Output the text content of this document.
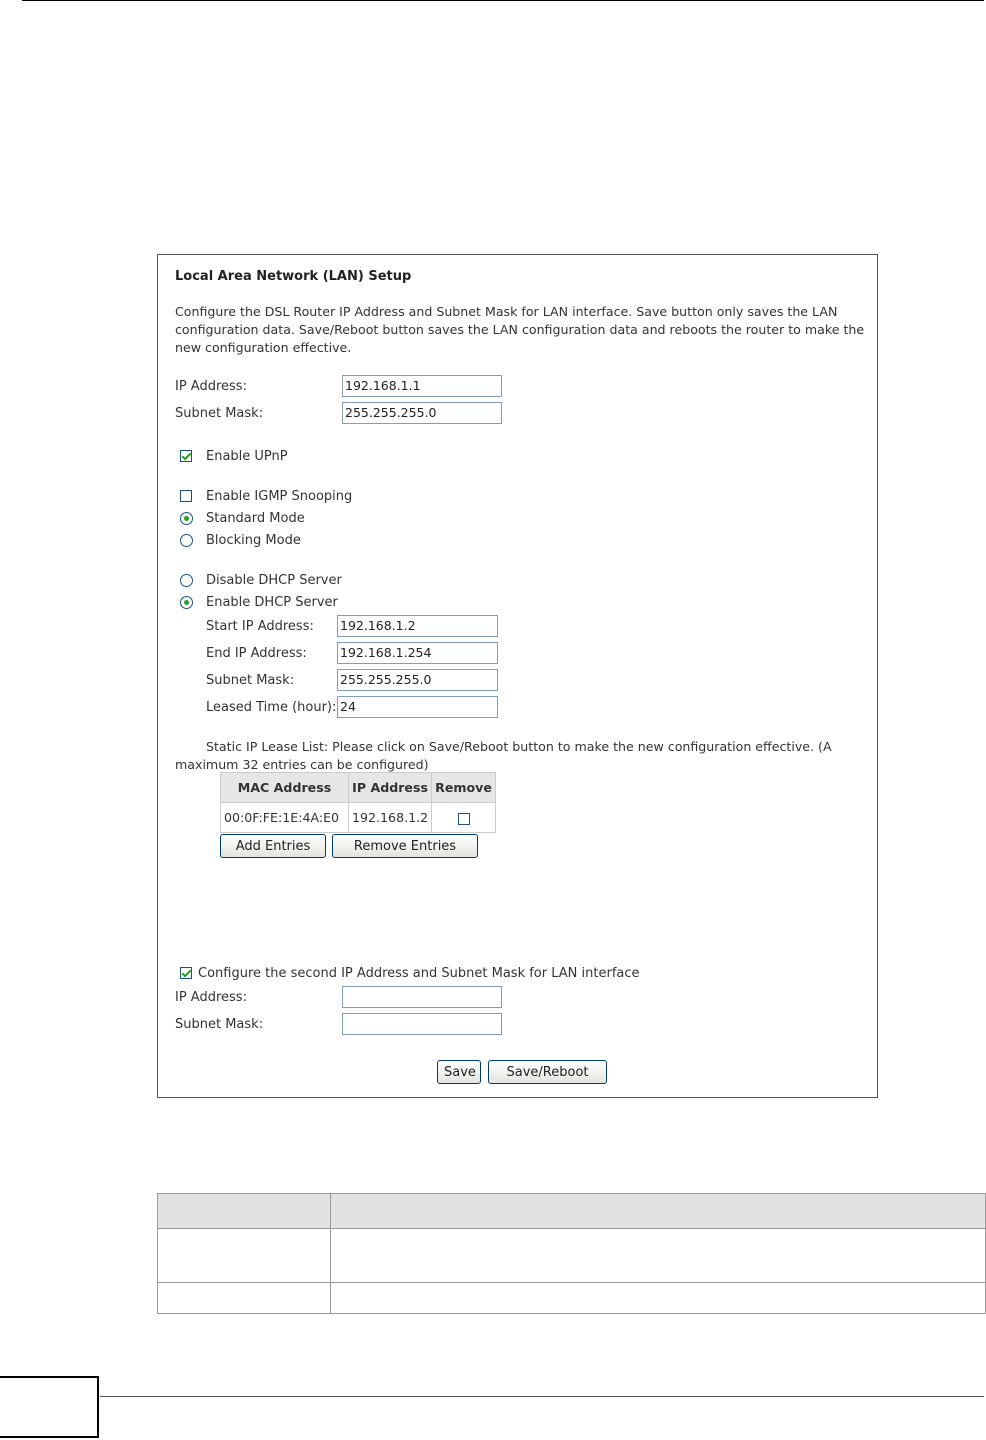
Local Area Network (LAN) Setup
Configure the DSL Router IP Address and Subnet Mask for LAN interface. Save button only saves the LAN configuration data. Save/Reboot button saves the LAN configuration data and reboots the router to make the new configuration effective.
IP Address:
192.168.1.1
Subnet Mask:
255.255.255.0
Enable UPnP
Enable IGMP Snooping
Standard Mode
Blocking Mode
Disable DHCP Server
Enable DHCP Server
Start IP Address:
192.168.1.2
End IP Address:
192.168.1.254
Subnet Mask:
255.255.255.0
Leased Time (hour):
24
Static IP Lease List: Please click on Save/Reboot button to make the new configuration effective. (A
maximum 32 entries can be configured)
MAC Address	IP Address	Remove
00:0F:FE:1E:4A:E0	192.168.1.2	
Add Entries	Remove Entries
Configure the second IP Address and Subnet Mask for LAN interface
IP Address:
Subnet Mask:
Save	Save/Reboot
